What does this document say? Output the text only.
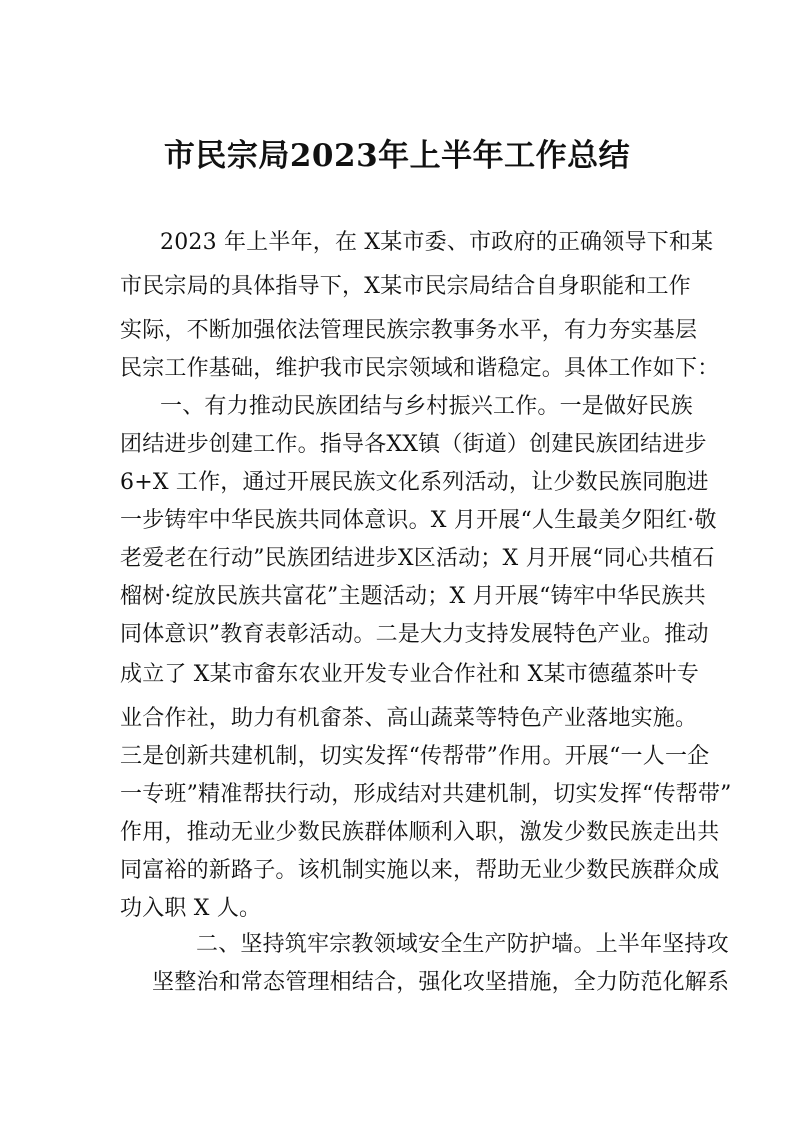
市民宗局2023年上半年工作总结
2023 年上半年，在 X某市委、市政府的正确领导下和某
市民宗局的具体指导下，X某市民宗局结合自身职能和工作
实际，不断加强依法管理民族宗教事务水平，有力夯实基层
民宗工作基础，维护我市民宗领域和谐稳定。具体工作如下：
一、有力推动民族团结与乡村振兴工作。一是做好民族
团结进步创建工作。指导各XX镇（街道）创建民族团结进步
6+X 工作，通过开展民族文化系列活动，让少数民族同胞进
一步铸牢中华民族共同体意识。X 月开展“人生最美夕阳红·敬
老爱老在行动”民族团结进步X区活动；X 月开展“同心共植石
榴树·绽放民族共富花”主题活动；X 月开展“铸牢中华民族共
同体意识”教育表彰活动。二是大力支持发展特色产业。推动
成立了 X某市畲东农业开发专业合作社和 X某市德蕴茶叶专
业合作社，助力有机畲茶、高山蔬菜等特色产业落地实施。
三是创新共建机制，切实发挥“传帮带”作用。开展“一人一企
一专班”精准帮扶行动，形成结对共建机制，切实发挥“传帮带”
作用，推动无业少数民族群体顺利入职，激发少数民族走出共
同富裕的新路子。该机制实施以来，帮助无业少数民族群众成
功入职 X 人。
二、坚持筑牢宗教领域安全生产防护墙。上半年坚持攻
坚整治和常态管理相结合，强化攻坚措施，全力防范化解系
